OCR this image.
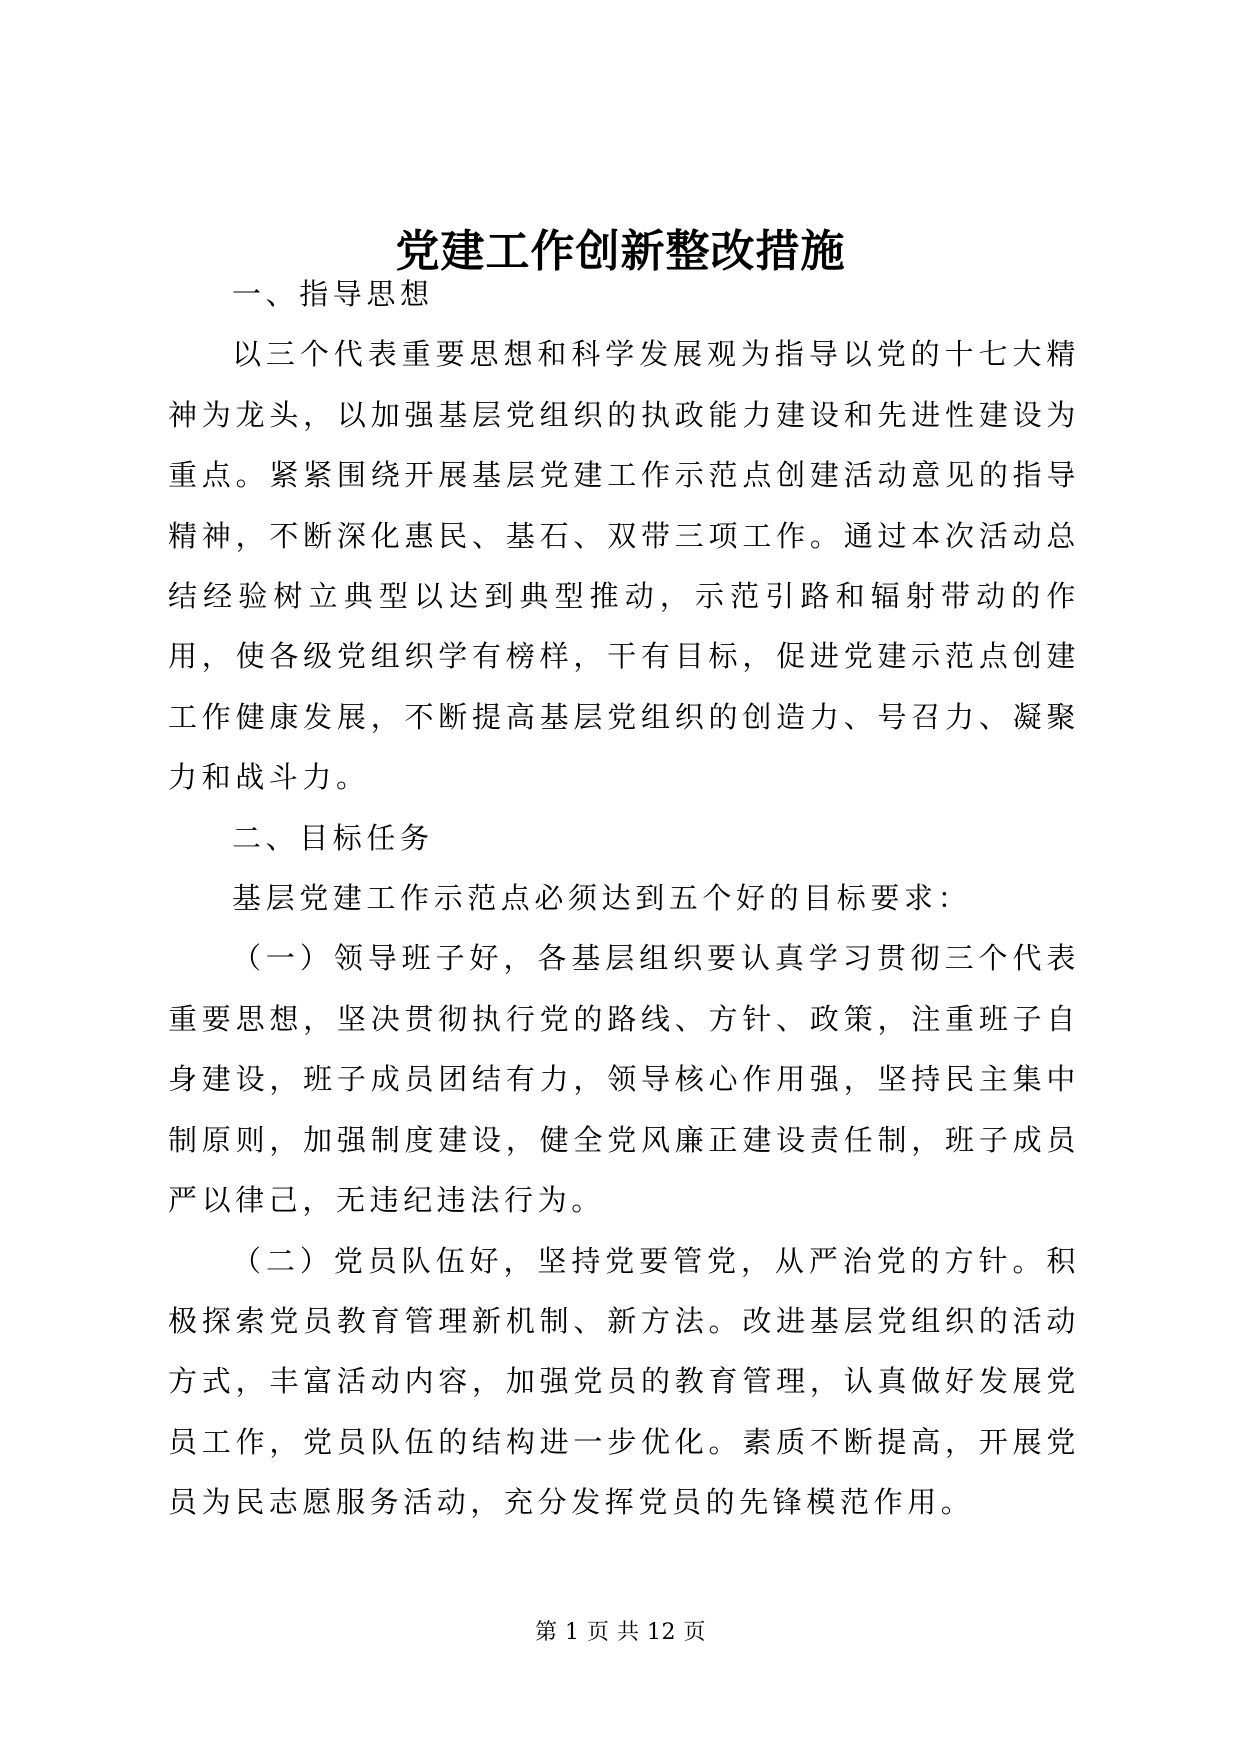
党建工作创新整改措施

一、指导思想

以三个代表重要思想和科学发展观为指导以党的十七大精神为龙头，以加强基层党组织的执政能力建设和先进性建设为重点。紧紧围绕开展基层党建工作示范点创建活动意见的指导精神，不断深化惠民、基石、双带三项工作。通过本次活动总结经验树立典型以达到典型推动，示范引路和辐射带动的作用，使各级党组织学有榜样，干有目标，促进党建示范点创建工作健康发展，不断提高基层党组织的创造力、号召力、凝聚力和战斗力。

二、目标任务

基层党建工作示范点必须达到五个好的目标要求：

（一）领导班子好，各基层组织要认真学习贯彻三个代表重要思想，坚决贯彻执行党的路线、方针、政策，注重班子自身建设，班子成员团结有力，领导核心作用强，坚持民主集中制原则，加强制度建设，健全党风廉正建设责任制，班子成员严以律己，无违纪违法行为。

（二）党员队伍好，坚持党要管党，从严治党的方针。积极探索党员教育管理新机制、新方法。改进基层党组织的活动方式，丰富活动内容，加强党员的教育管理，认真做好发展党员工作，党员队伍的结构进一步优化。素质不断提高，开展党员为民志愿服务活动，充分发挥党员的先锋模范作用。

第 1 页 共 12 页
